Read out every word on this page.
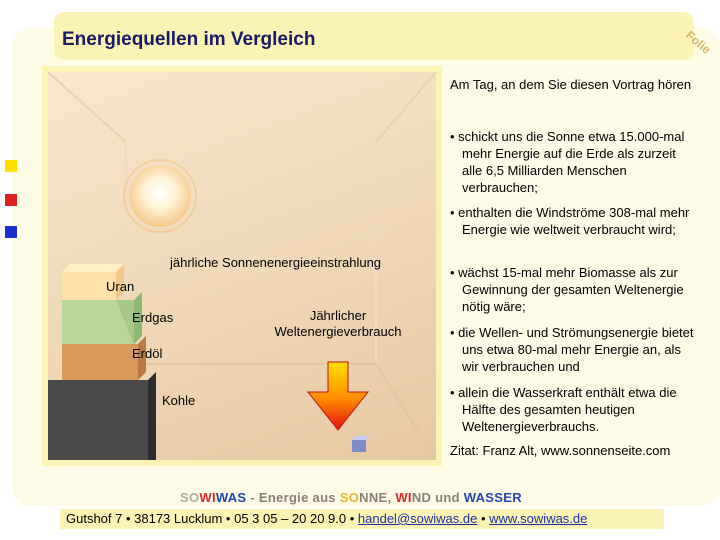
Energiequellen im Vergleich	Folie
jährliche Sonnenenergieeinstrahlung
Uran
Erdgas
Erdöl
Kohle
Jährlicher Weltenergieverbrauch
Am Tag, an dem Sie diesen Vortrag hören
• schickt uns die Sonne etwa 15.000-mal mehr Energie auf die Erde als zurzeit alle 6,5 Milliarden Menschen verbrauchen;
• enthalten die Windströme 308-mal mehr Energie wie weltweit verbraucht wird;
• wächst 15-mal mehr Biomasse als zur Gewinnung der gesamten Weltenergie nötig wäre;
• die Wellen- und Strömungsenergie bietet uns etwa 80-mal mehr Energie an, als wir verbrauchen und
• allein die Wasserkraft enthält etwa die Hälfte des gesamten heutigen Weltenergieverbrauchs.
Zitat: Franz Alt, www.sonnenseite.com
SOWIWAS - Energie aus SONNE, WIND und WASSER
Gutshof 7 • 38173 Lucklum • 05 3 05 – 20 20 9.0 • handel@sowiwas.de • www.sowiwas.de
